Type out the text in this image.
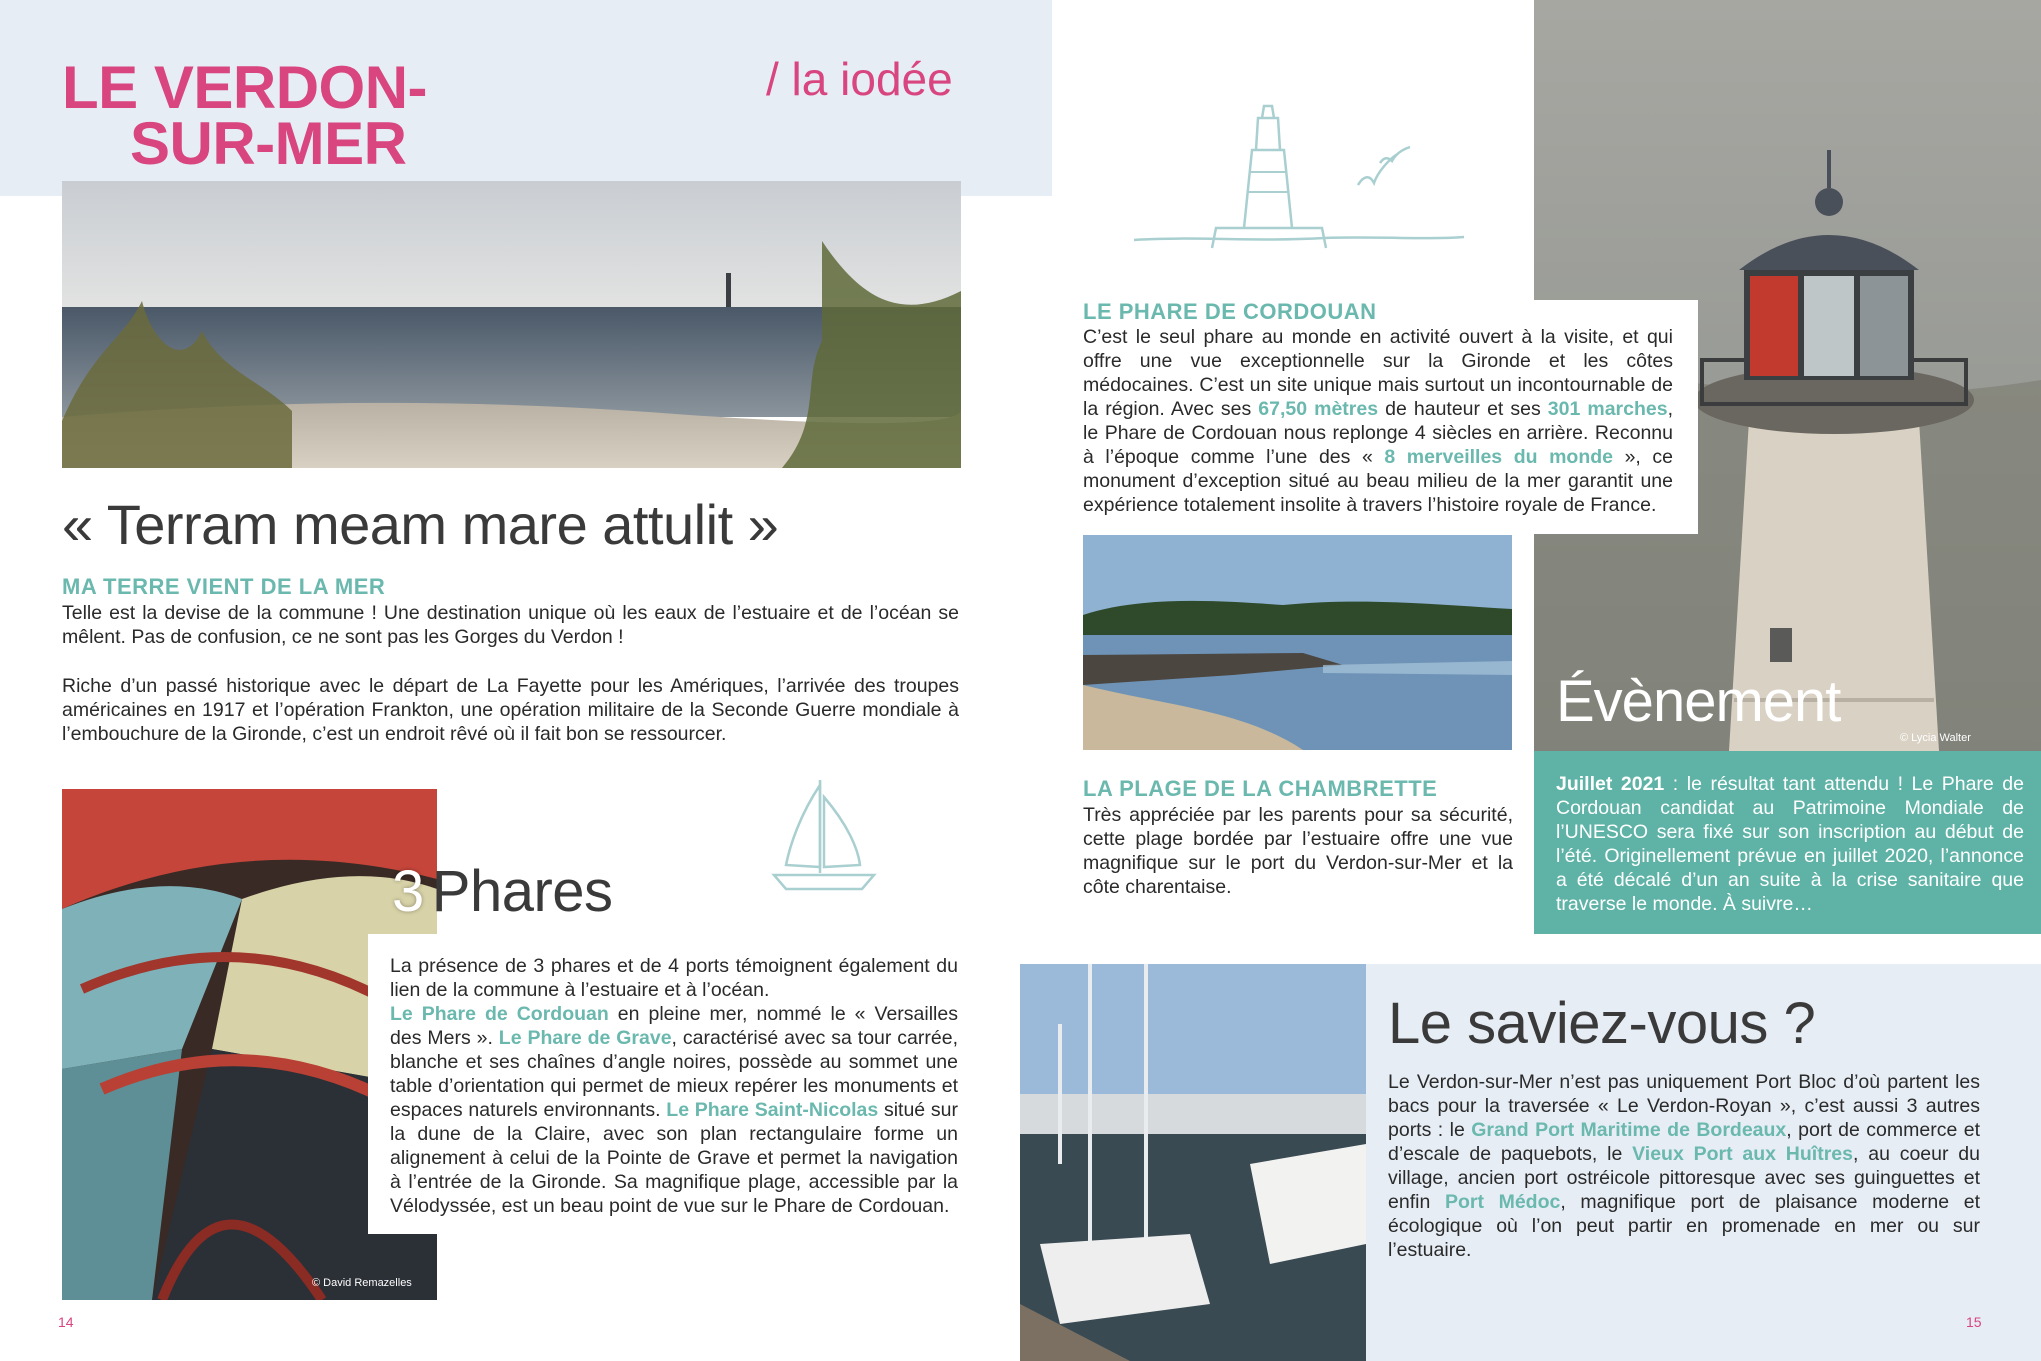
LE VERDON-
SUR-MER
/ la iodée
« Terram meam mare attulit »
MA TERRE VIENT DE LA MER
Telle est la devise de la commune ! Une destination unique où les eaux de l’estuaire et de l’océan se mêlent. Pas de confusion, ce ne sont pas les Gorges du Verdon !
Riche d’un passé historique avec le départ de La Fayette pour les Amériques, l’arrivée des troupes américaines en 1917 et l’opération Frankton, une opération militaire de la Seconde Guerre mondiale à l’embouchure de la Gironde, c’est un endroit rêvé où il fait bon se ressourcer.
© David Remazelles
3 Phares
La présence de 3 phares et de 4 ports témoignent également du lien de la commune à l’estuaire et à l’océan.
Le Phare de Cordouan en pleine mer, nommé le « Versailles des Mers ». Le Phare de Grave, caractérisé avec sa tour carrée, blanche et ses chaînes d’angle noires, possède au sommet une table d’orientation qui permet de mieux repérer les monuments et espaces naturels environnants. Le Phare Saint-Nicolas situé sur la dune de la Claire, avec son plan rectangulaire forme un alignement à celui de la Pointe de Grave et permet la navigation à l’entrée de la Gironde. Sa magnifique plage, accessible par la Vélodyssée, est un beau point de vue sur le Phare de Cordouan.
14
LE PHARE DE CORDOUAN
C’est le seul phare au monde en activité ouvert à la visite, et qui offre une vue exceptionnelle sur la Gironde et les côtes médocaines. C’est un site unique mais surtout un incontournable de la région. Avec ses 67,50 mètres de hauteur et ses 301 marches, le Phare de Cordouan nous replonge 4 siècles en arrière. Reconnu à l’époque comme l’une des « 8 merveilles du monde », ce monument d’exception situé au beau milieu de la mer garantit une expérience totalement insolite à travers l’histoire royale de France.
LA PLAGE DE LA CHAMBRETTE
Très appréciée par les parents pour sa sécurité, cette plage bordée par l’estuaire offre une vue magnifique sur le port du Verdon-sur-Mer et la côte charentaise.
Évènement
© Lycia Walter
Juillet 2021 : le résultat tant attendu ! Le Phare de Cordouan candidat au Patrimoine Mondiale de l’UNESCO sera fixé sur son inscription au début de l’été. Originellement prévue en juillet 2020, l’annonce a été décalé d’un an suite à la crise sanitaire que traverse le monde. À suivre…
Le saviez-vous ?
Le Verdon-sur-Mer n’est pas uniquement Port Bloc d’où partent les bacs pour la traversée « Le Verdon-Royan », c’est aussi 3 autres ports : le Grand Port Maritime de Bordeaux, port de commerce et d’escale de paquebots, le Vieux Port aux Huîtres, au coeur du village, ancien port ostréicole pittoresque avec ses guinguettes et enfin Port Médoc, magnifique port de plaisance moderne et écologique où l’on peut partir en promenade en mer ou sur l’estuaire.
15
